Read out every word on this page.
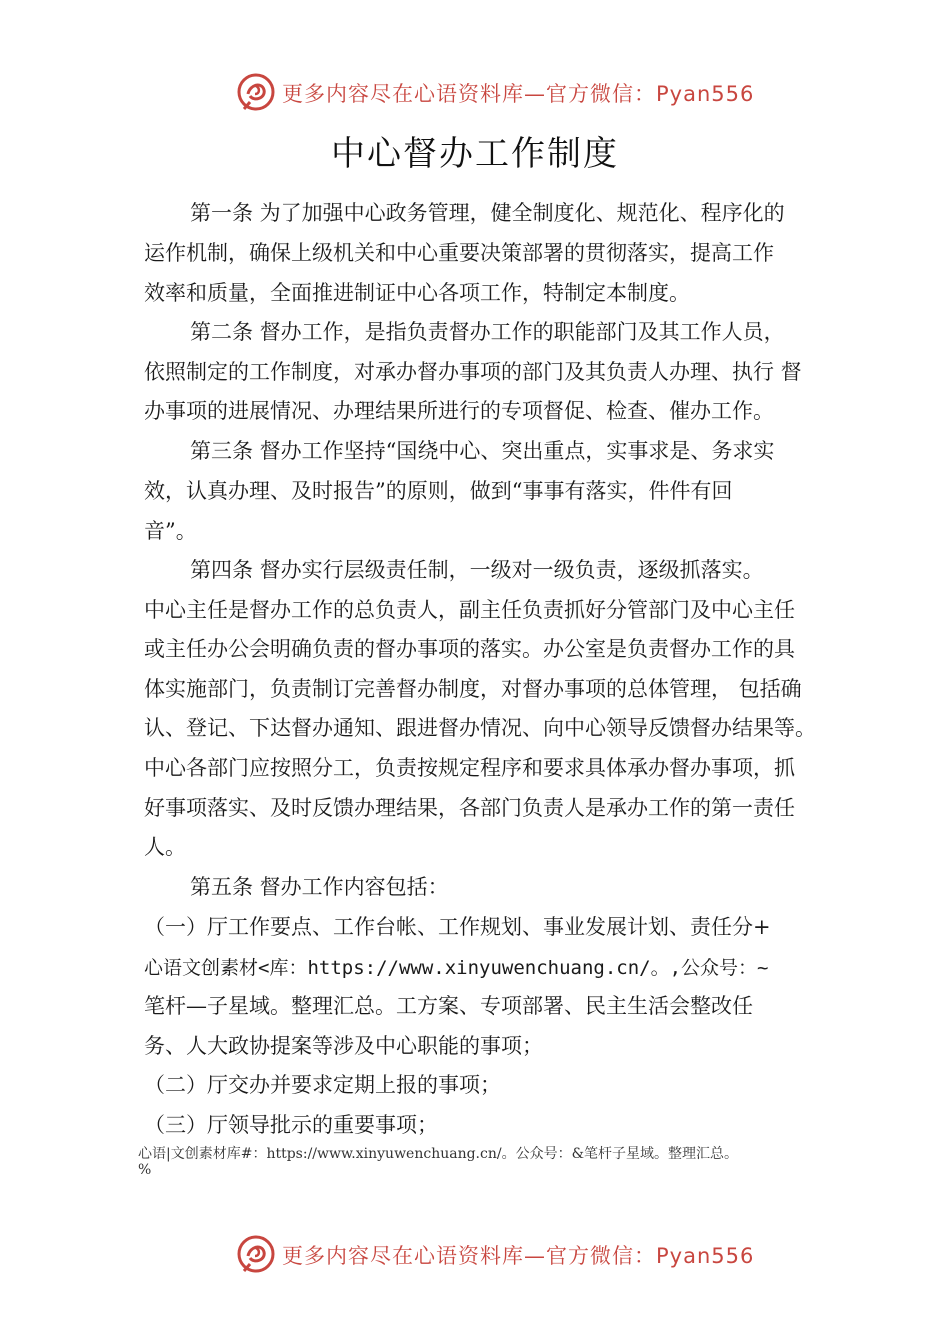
更多内容尽在心语资料库—官方微信：Pyan556
中心督办工作制度
第一条 为了加强中心政务管理，健全制度化、规范化、程序化的
运作机制，确保上级机关和中心重要决策部署的贯彻落实，提高工作
效率和质量，全面推进制证中心各项工作，特制定本制度。
第二条 督办工作，是指负责督办工作的职能部门及其工作人员，
依照制定的工作制度，对承办督办事项的部门及其负责人办理、执行 督
办事项的进展情况、办理结果所进行的专项督促、检查、催办工作。
第三条 督办工作坚持“国绕中心、突出重点，实事求是、务求实
效，认真办理、及时报告”的原则，做到“事事有落实，件件有回
音”。
第四条 督办实行层级责任制，一级对一级负责，逐级抓落实。
中心主任是督办工作的总负责人，副主任负责抓好分管部门及中心主任
或主任办公会明确负责的督办事项的落实。办公室是负责督办工作的具
体实施部门，负责制订完善督办制度，对督办事项的总体管理， 包括确
认、登记、下达督办通知、跟进督办情况、向中心领导反馈督办结果等。
中心各部门应按照分工，负责按规定程序和要求具体承办督办事项，抓
好事项落实、及时反馈办理结果，各部门负责人是承办工作的第一责任
人。
第五条 督办工作内容包括：
（一）厅工作要点、工作台帐、工作规划、事业发展计划、责任分+
心语文创素材<库：https://www.xinyuwenchuang.cn/。,公众号：~
笔杆—子星域。整理汇总。工方案、专项部署、民主生活会整改任
务、人大政协提案等涉及中心职能的事项；
（二）厅交办并要求定期上报的事项；
（三）厅领导批示的重要事项；
心语|文创素材库#：https://www.xinyuwenchuang.cn/。公众号：&笔杆子星域。整理汇总。
%
更多内容尽在心语资料库—官方微信：Pyan556
